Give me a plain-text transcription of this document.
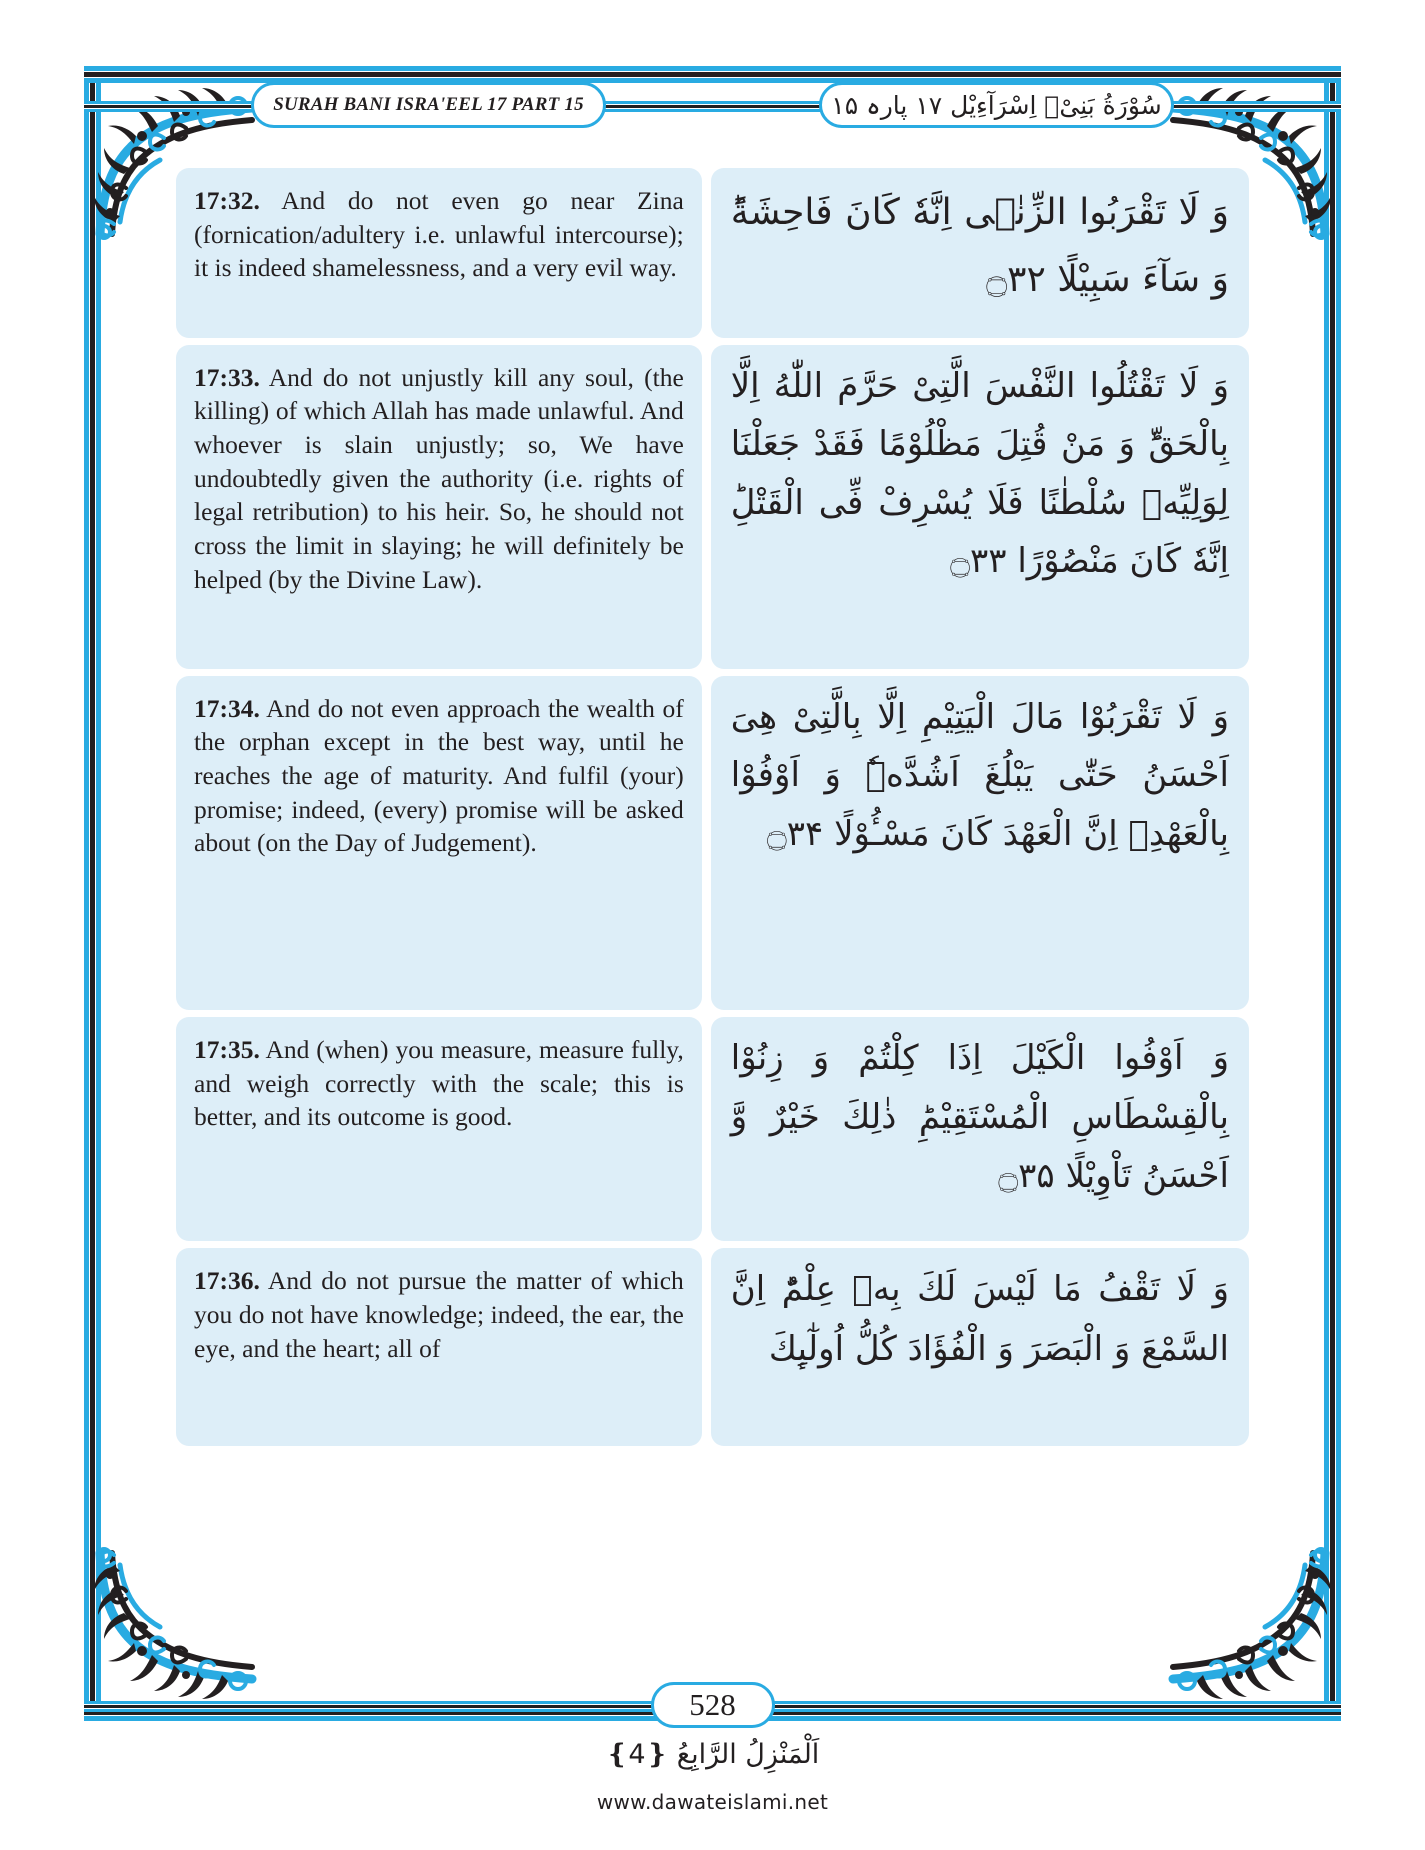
SURAH BANI ISRA'EEL 17 PART 15	سُوْرَةُ بَنِیْۤ اِسْرَآءِیْل ۱۷ پارہ ۱۵
17:32. And do not even go near Zina (fornication/adultery i.e. unlawful intercourse); it is indeed shamelessness, and a very evil way.
وَ لَا تَقْرَبُوا الزِّنٰۤى اِنَّهٗ كَانَ فَاحِشَةًؕ وَ سَآءَ سَبِیْلًا ۝۳۲
17:33. And do not unjustly kill any soul, (the killing) of which Allah has made unlawful. And whoever is slain unjustly; so, We have undoubtedly given the authority (i.e. rights of legal retribution) to his heir. So, he should not cross the limit in slaying; he will definitely be helped (by the Divine Law).
وَ لَا تَقْتُلُوا النَّفْسَ الَّتِیْ حَرَّمَ اللّٰهُ اِلَّا بِالْحَقِّؕ وَ مَنْ قُتِلَ مَظْلُوْمًا فَقَدْ جَعَلْنَا لِوَلِیِّهٖ سُلْطٰنًا فَلَا یُسْرِفْ فِّی الْقَتْلِؕ اِنَّهٗ كَانَ مَنْصُوْرًا ۝۳۳
17:34. And do not even approach the wealth of the orphan except in the best way, until he reaches the age of maturity. And fulfil (your) promise; indeed, (every) promise will be asked about (on the Day of Judgement).
وَ لَا تَقْرَبُوْا مَالَ الْیَتِیْمِ اِلَّا بِالَّتِیْ هِیَ اَحْسَنُ حَتّٰى یَبْلُغَ اَشُدَّه۪ٗ وَ اَوْفُوْا بِالْعَهْدِۚ اِنَّ الْعَهْدَ كَانَ مَسْـُٔوْلًا ۝۳۴
17:35. And (when) you measure, measure fully, and weigh correctly with the scale; this is better, and its outcome is good.
وَ اَوْفُوا الْكَیْلَ اِذَا كِلْتُمْ وَ زِنُوْا بِالْقِسْطَاسِ الْمُسْتَقِیْمِؕ ذٰلِكَ خَیْرٌ وَّ اَحْسَنُ تَاْوِیْلًا ۝۳۵
17:36. And do not pursue the matter of which you do not have knowledge; indeed, the ear, the eye, and the heart; all of
وَ لَا تَقْفُ مَا لَیْسَ لَكَ بِهٖ عِلْمٌؕ اِنَّ السَّمْعَ وَ الْبَصَرَ وَ الْفُؤَادَ كُلُّ اُولٰٓىِٕكَ
528
اَلْمَنْزِلُ الرَّابِعُ ❴4❵
www.dawateislami.net
